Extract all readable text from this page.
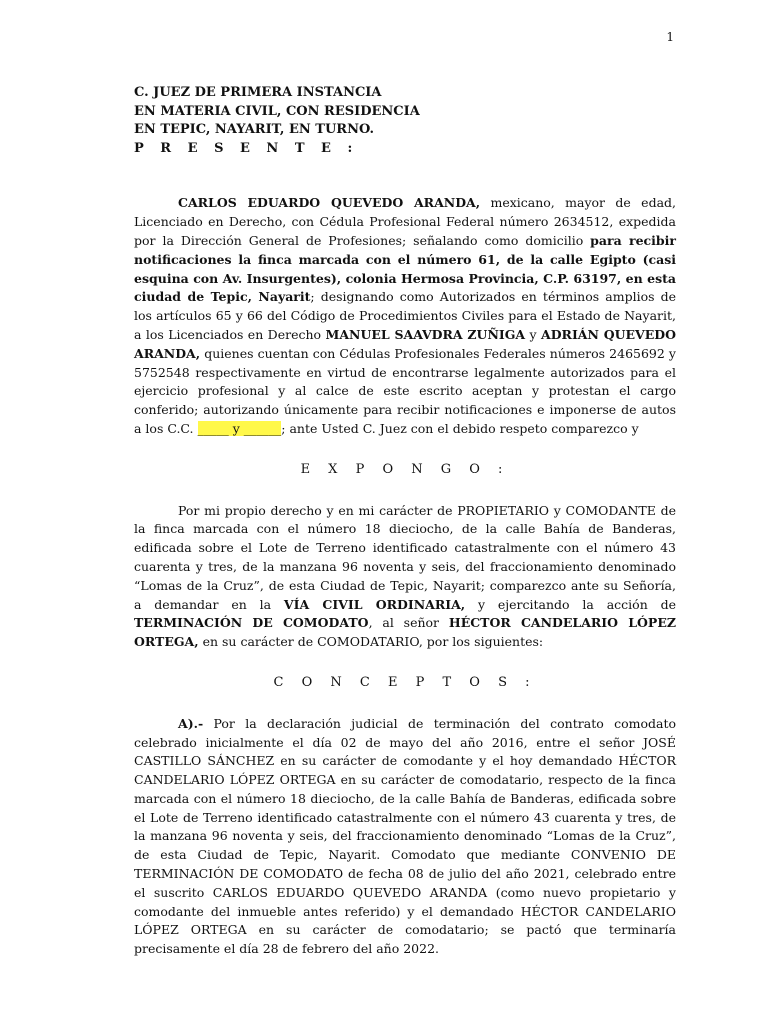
1
C. JUEZ DE PRIMERA INSTANCIA
EN MATERIA CIVIL, CON RESIDENCIA
EN TEPIC, NAYARIT, EN TURNO.
P R E S E N T E :
CARLOS EDUARDO QUEVEDO ARANDA, mexicano, mayor de edad, Licenciado en Derecho, con Cédula Profesional Federal número 2634512, expedida por la Dirección General de Profesiones; señalando como domicilio para recibir notificaciones la finca marcada con el número 61, de la calle Egipto (casi esquina con Av. Insurgentes), colonia Hermosa Provincia, C.P. 63197, en esta ciudad de Tepic, Nayarit; designando como Autorizados en términos amplios de los artículos 65 y 66 del Código de Procedimientos Civiles para el Estado de Nayarit, a los Licenciados en Derecho MANUEL SAAVDRA ZUÑIGA y ADRIÁN QUEVEDO ARANDA, quienes cuentan con Cédulas Profesionales Federales números 2465692 y 5752548 respectivamente en virtud de encontrarse legalmente autorizados para el ejercicio profesional y al calce de este escrito aceptan y protestan el cargo conferido; autorizando únicamente para recibir notificaciones e imponerse de autos a los C.C. _____ y ______; ante Usted C. Juez con el debido respeto comparezco y
E X P O N G O :
Por mi propio derecho y en mi carácter de PROPIETARIO y COMODANTE de la finca marcada con el número 18 dieciocho, de la calle Bahía de Banderas, edificada sobre el Lote de Terreno identificado catastralmente con el número 43 cuarenta y tres, de la manzana 96 noventa y seis, del fraccionamiento denominado “Lomas de la Cruz”, de esta Ciudad de Tepic, Nayarit; comparezco ante su Señoría, a demandar en la VÍA CIVIL ORDINARIA, y ejercitando la acción de TERMINACIÓN DE COMODATO, al señor HÉCTOR CANDELARIO LÓPEZ ORTEGA, en su carácter de COMODATARIO, por los siguientes:
C O N C E P T O S :
A).- Por la declaración judicial de terminación del contrato comodato celebrado inicialmente el día 02 de mayo del año 2016, entre el señor JOSÉ CASTILLO SÁNCHEZ en su carácter de comodante y el hoy demandado HÉCTOR CANDELARIO LÓPEZ ORTEGA en su carácter de comodatario, respecto de la finca marcada con el número 18 dieciocho, de la calle Bahía de Banderas, edificada sobre el Lote de Terreno identificado catastralmente con el número 43 cuarenta y tres, de la manzana 96 noventa y seis, del fraccionamiento denominado “Lomas de la Cruz”, de esta Ciudad de Tepic, Nayarit. Comodato que mediante CONVENIO DE TERMINACIÓN DE COMODATO de fecha 08 de julio del año 2021, celebrado entre el suscrito CARLOS EDUARDO QUEVEDO ARANDA (como nuevo propietario y comodante del inmueble antes referido) y el demandado HÉCTOR CANDELARIO LÓPEZ ORTEGA en su carácter de comodatario; se pactó que terminaría precisamente el día 28 de febrero del año 2022.
